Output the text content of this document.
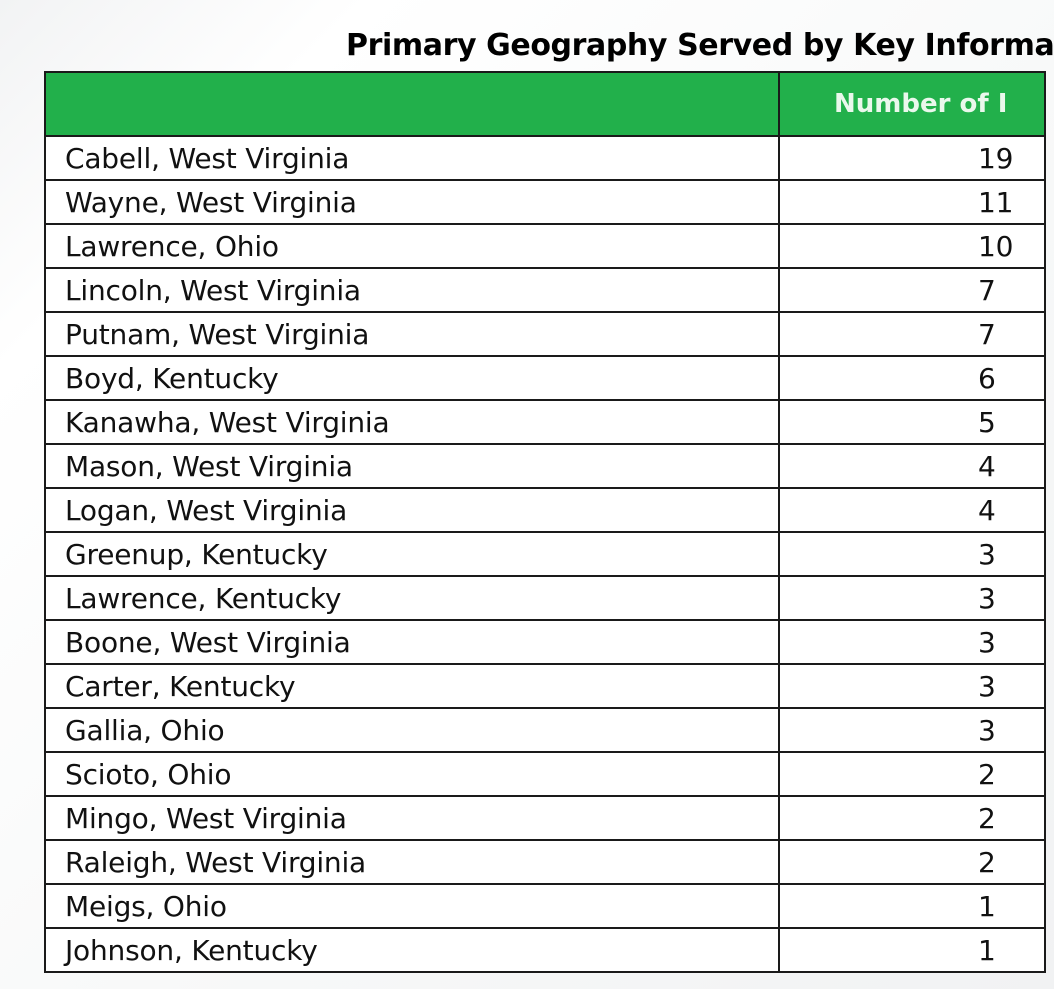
Primary Geography Served by Key Informa
	Number of I
Cabell, West Virginia	19
Wayne, West Virginia	11
Lawrence, Ohio	10
Lincoln, West Virginia	7
Putnam, West Virginia	7
Boyd, Kentucky	6
Kanawha, West Virginia	5
Mason, West Virginia	4
Logan, West Virginia	4
Greenup, Kentucky	3
Lawrence, Kentucky	3
Boone, West Virginia	3
Carter, Kentucky	3
Gallia, Ohio	3
Scioto, Ohio	2
Mingo, West Virginia	2
Raleigh, West Virginia	2
Meigs, Ohio	1
Johnson, Kentucky	1
